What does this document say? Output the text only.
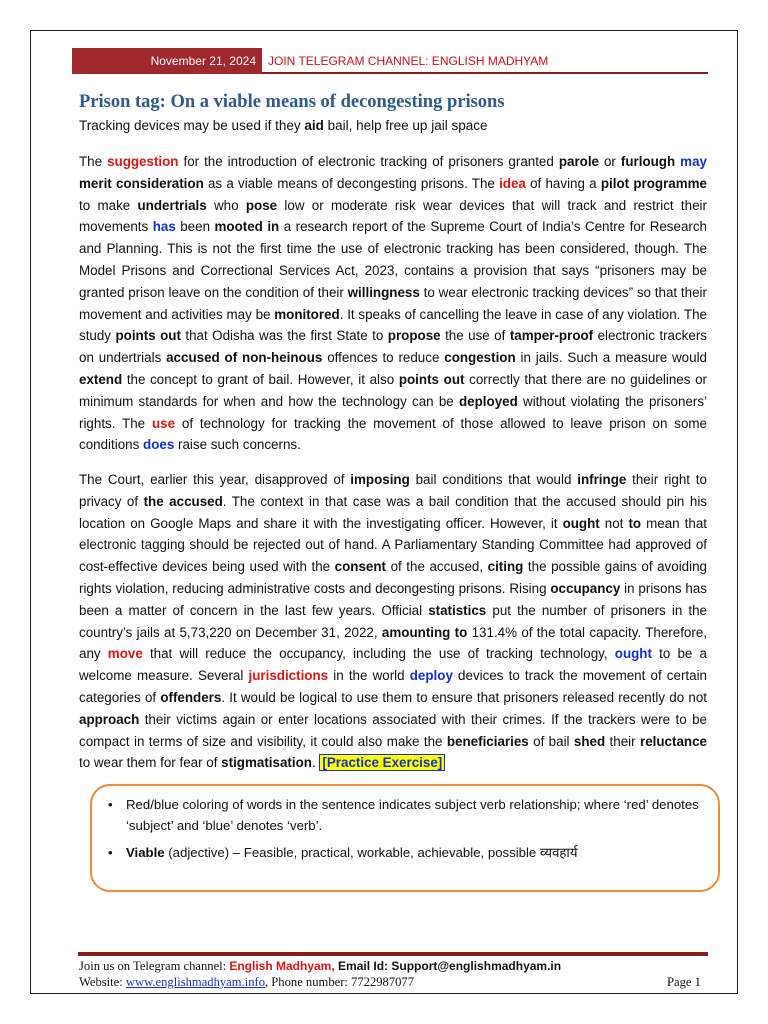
November 21, 2024	JOIN TELEGRAM CHANNEL: ENGLISH MADHYAM
Prison tag: On a viable means of decongesting prisons

Tracking devices may be used if they aid bail, help free up jail space

The suggestion for the introduction of electronic tracking of prisoners granted parole or furlough may merit consideration as a viable means of decongesting prisons. The idea of having a pilot programme to make undertrials who pose low or moderate risk wear devices that will track and restrict their movements has been mooted in a research report of the Supreme Court of India’s Centre for Research and Planning. This is not the first time the use of electronic tracking has been considered, though. The Model Prisons and Correctional Services Act, 2023, contains a provision that says “prisoners may be granted prison leave on the condition of their willingness to wear electronic tracking devices” so that their movement and activities may be monitored. It speaks of cancelling the leave in case of any violation. The study points out that Odisha was the first State to propose the use of tamper-proof electronic trackers on undertrials accused of non-heinous offences to reduce congestion in jails. Such a measure would extend the concept to grant of bail. However, it also points out correctly that there are no guidelines or minimum standards for when and how the technology can be deployed without violating the prisoners’ rights. The use of technology for tracking the movement of those allowed to leave prison on some conditions does raise such concerns.

The Court, earlier this year, disapproved of imposing bail conditions that would infringe their right to privacy of the accused. The context in that case was a bail condition that the accused should pin his location on Google Maps and share it with the investigating officer. However, it ought not to mean that electronic tagging should be rejected out of hand. A Parliamentary Standing Committee had approved of cost-effective devices being used with the consent of the accused, citing the possible gains of avoiding rights violation, reducing administrative costs and decongesting prisons. Rising occupancy in prisons has been a matter of concern in the last few years. Official statistics put the number of prisoners in the country’s jails at 5,73,220 on December 31, 2022, amounting to 131.4% of the total capacity. Therefore, any move that will reduce the occupancy, including the use of tracking technology, ought to be a welcome measure. Several jurisdictions in the world deploy devices to track the movement of certain categories of offenders. It would be logical to use them to ensure that prisoners released recently do not approach their victims again or enter locations associated with their crimes. If the trackers were to be compact in terms of size and visibility, it could also make the beneficiaries of bail shed their reluctance to wear them for fear of stigmatisation. [Practice Exercise]

• Red/blue coloring of words in the sentence indicates subject verb relationship; where ‘red’ denotes ‘subject’ and ‘blue’ denotes ‘verb’.
• Viable (adjective) – Feasible, practical, workable, achievable, possible व्यवहार्य

Join us on Telegram channel: English Madhyam, Email Id: Support@englishmadhyam.in

Website: www.englishmadhyam.info, Phone number: 7722987077	Page 1
